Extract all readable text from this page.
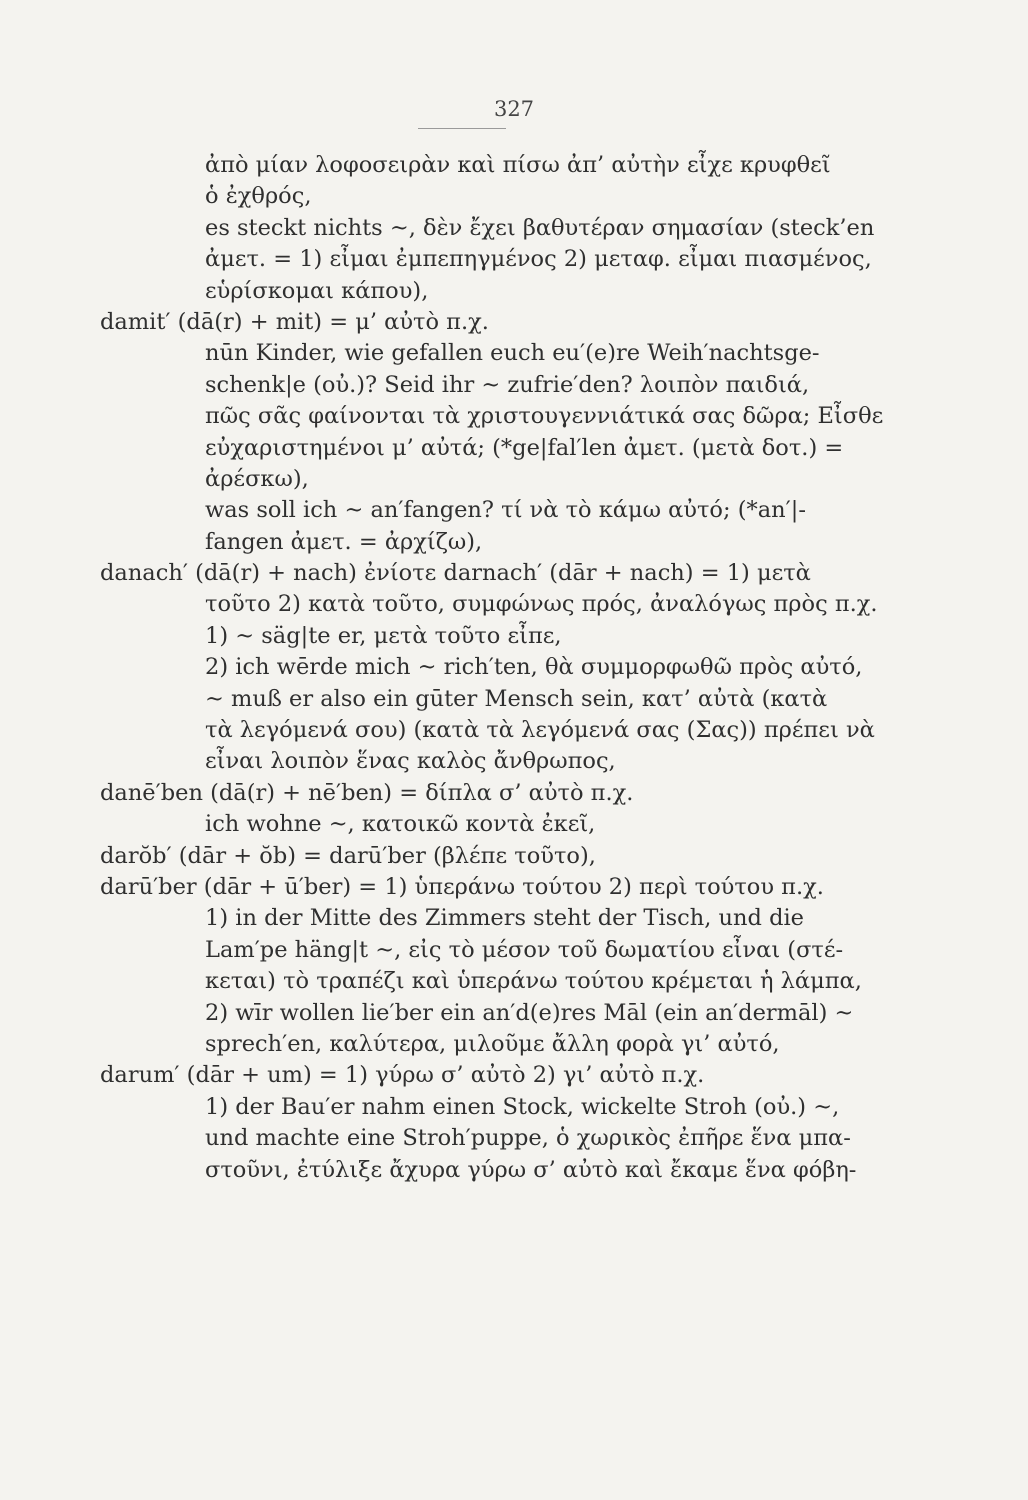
327
ἀπὸ μίαν λοφοσειρὰν καὶ πίσω ἀπ’ αὐτὴν εἶχε κρυφθεῖ
ὁ ἐχθρός,
es steckt nichts ~, δὲν ἔχει βαθυτέραν σημασίαν (steck’en
ἀμετ. = 1) εἶμαι ἐμπεπηγμένος 2) μεταφ. εἶμαι πιασμένος,
εὑρίσκομαι κάπου),
damit′ (dā(r) + mit) = μ’ αὐτὸ π.χ.
nūn Kinder, wie gefallen euch eu′(e)re Weih′nachtsge-
schenk|e (οὐ.)? Seid ihr ~ zufrie′den? λοιπὸν παιδιά,
πῶς σᾶς φαίνονται τὰ χριστουγεννιάτικά σας δῶρα; Εἶσθε
εὐχαριστημένοι μ’ αὐτά; (*ge|fal′len ἀμετ. (μετὰ δοτ.) =
ἀρέσκω),
was soll ich ~ an′fangen? τί νὰ τὸ κάμω αὐτό; (*an′|-
fangen ἀμετ. = ἀρχίζω),
danach′ (dā(r) + nach) ἐνίοτε darnach′ (dār + nach) = 1) μετὰ
τοῦτο 2) κατὰ τοῦτο, συμφώνως πρός, ἀναλόγως πρὸς π.χ.
1) ~ säg|te er, μετὰ τοῦτο εἶπε,
2) ich wērde mich ~ rich′ten, θὰ συμμορφωθῶ πρὸς αὐτό,
~ muß er also ein gūter Mensch sein, κατ’ αὐτὰ (κατὰ
τὰ λεγόμενά σου) (κατὰ τὰ λεγόμενά σας (Σας)) πρέπει νὰ
εἶναι λοιπὸν ἕνας καλὸς ἄνθρωπος,
danē′ben (dā(r) + nē′ben) = δίπλα σ’ αὐτὸ π.χ.
ich wohne ~, κατοικῶ κοντὰ ἐκεῖ,
darŏb′ (dār + ŏb) = darū′ber (βλέπε τοῦτο),
darū′ber (dār + ū′ber) = 1) ὑπεράνω τούτου 2) περὶ τούτου π.χ.
1) in der Mitte des Zimmers steht der Tisch, und die
Lam′pe häng|t ~, εἰς τὸ μέσον τοῦ δωματίου εἶναι (στέ-
κεται) τὸ τραπέζι καὶ ὑπεράνω τούτου κρέμεται ἡ λάμπα,
2) wīr wollen lie′ber ein an′d(e)res Māl (ein an′dermāl) ~
sprech′en, καλύτερα, μιλοῦμε ἄλλη φορὰ γι’ αὐτό,
darum′ (dār + um) = 1) γύρω σ’ αὐτὸ 2) γι’ αὐτὸ π.χ.
1) der Bau′er nahm einen Stock, wickelte Stroh (οὐ.) ~,
und machte eine Stroh′puppe, ὁ χωρικὸς ἐπῆρε ἕνα μπα-
στοῦνι, ἐτύλιξε ἄχυρα γύρω σ’ αὐτὸ καὶ ἔκαμε ἕνα φόβη-
